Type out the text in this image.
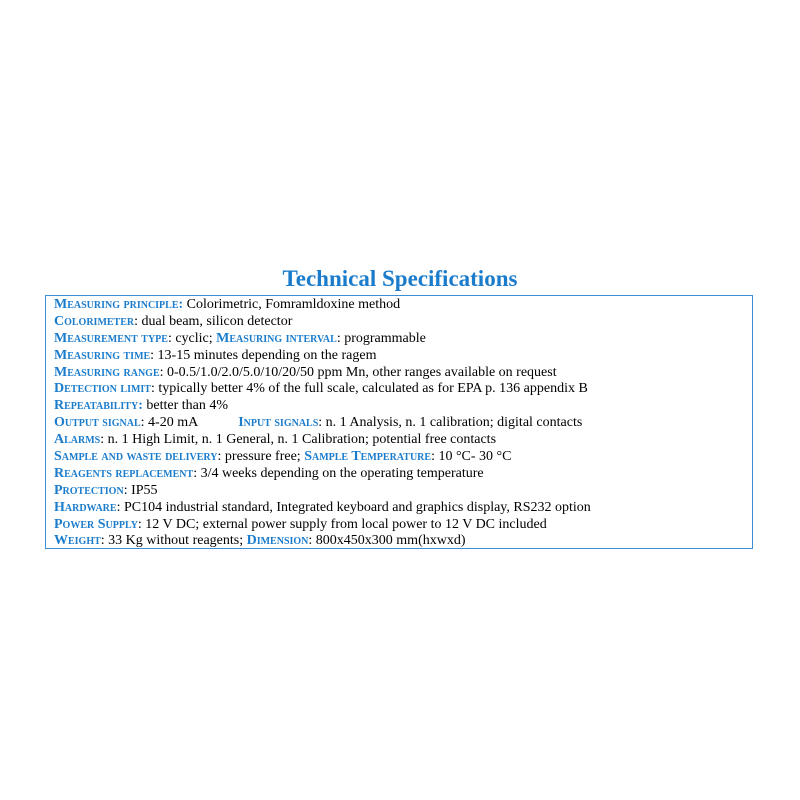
Technical Specifications
Measuring principle: Colorimetric, Fomramldoxine method
Colorimeter: dual beam, silicon detector
Measurement type: cyclic; Measuring interval: programmable
Measuring time: 13-15 minutes depending on the ragem
Measuring range: 0-0.5/1.0/2.0/5.0/10/20/50 ppm Mn, other ranges available on request
Detection limit: typically better 4% of the full scale, calculated as for EPA p. 136 appendix B
Repeatability: better than 4%
Output signal: 4-20 mA	Input signals: n. 1 Analysis, n. 1 calibration; digital contacts
Alarms: n. 1 High Limit, n. 1 General, n. 1 Calibration; potential free contacts
Sample and waste delivery: pressure free; Sample Temperature: 10 °C- 30 °C
Reagents replacement: 3/4 weeks depending on the operating temperature
Protection: IP55
Hardware: PC104 industrial standard, Integrated keyboard and graphics display, RS232 option
Power Supply: 12 V DC; external power supply from local power to 12 V DC included
Weight: 33 Kg without reagents; Dimension: 800x450x300 mm(hxwxd)
